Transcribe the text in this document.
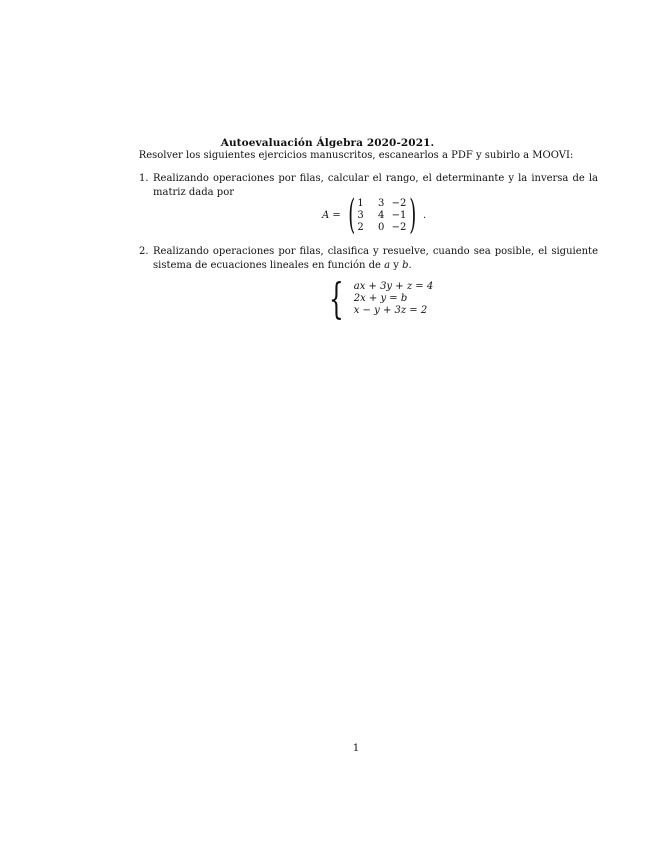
Autoevaluación Álgebra 2020-2021.
Resolver los siguientes ejercicios manuscritos, escanearlos a PDF y subirlo a MOOVI:
1. Realizando operaciones por filas, calcular el rango, el determinante y la inversa de la matriz dada por
A = ( 1	3 −2
3	4 −1
2	0 −2 ) .
2. Realizando operaciones por filas, clasifica y resuelve, cuando sea posible, el siguiente sistema de ecuaciones lineales en función de a y b.
{ ax + 3y + z = 4
2x + y = b
x − y + 3z = 2
1
